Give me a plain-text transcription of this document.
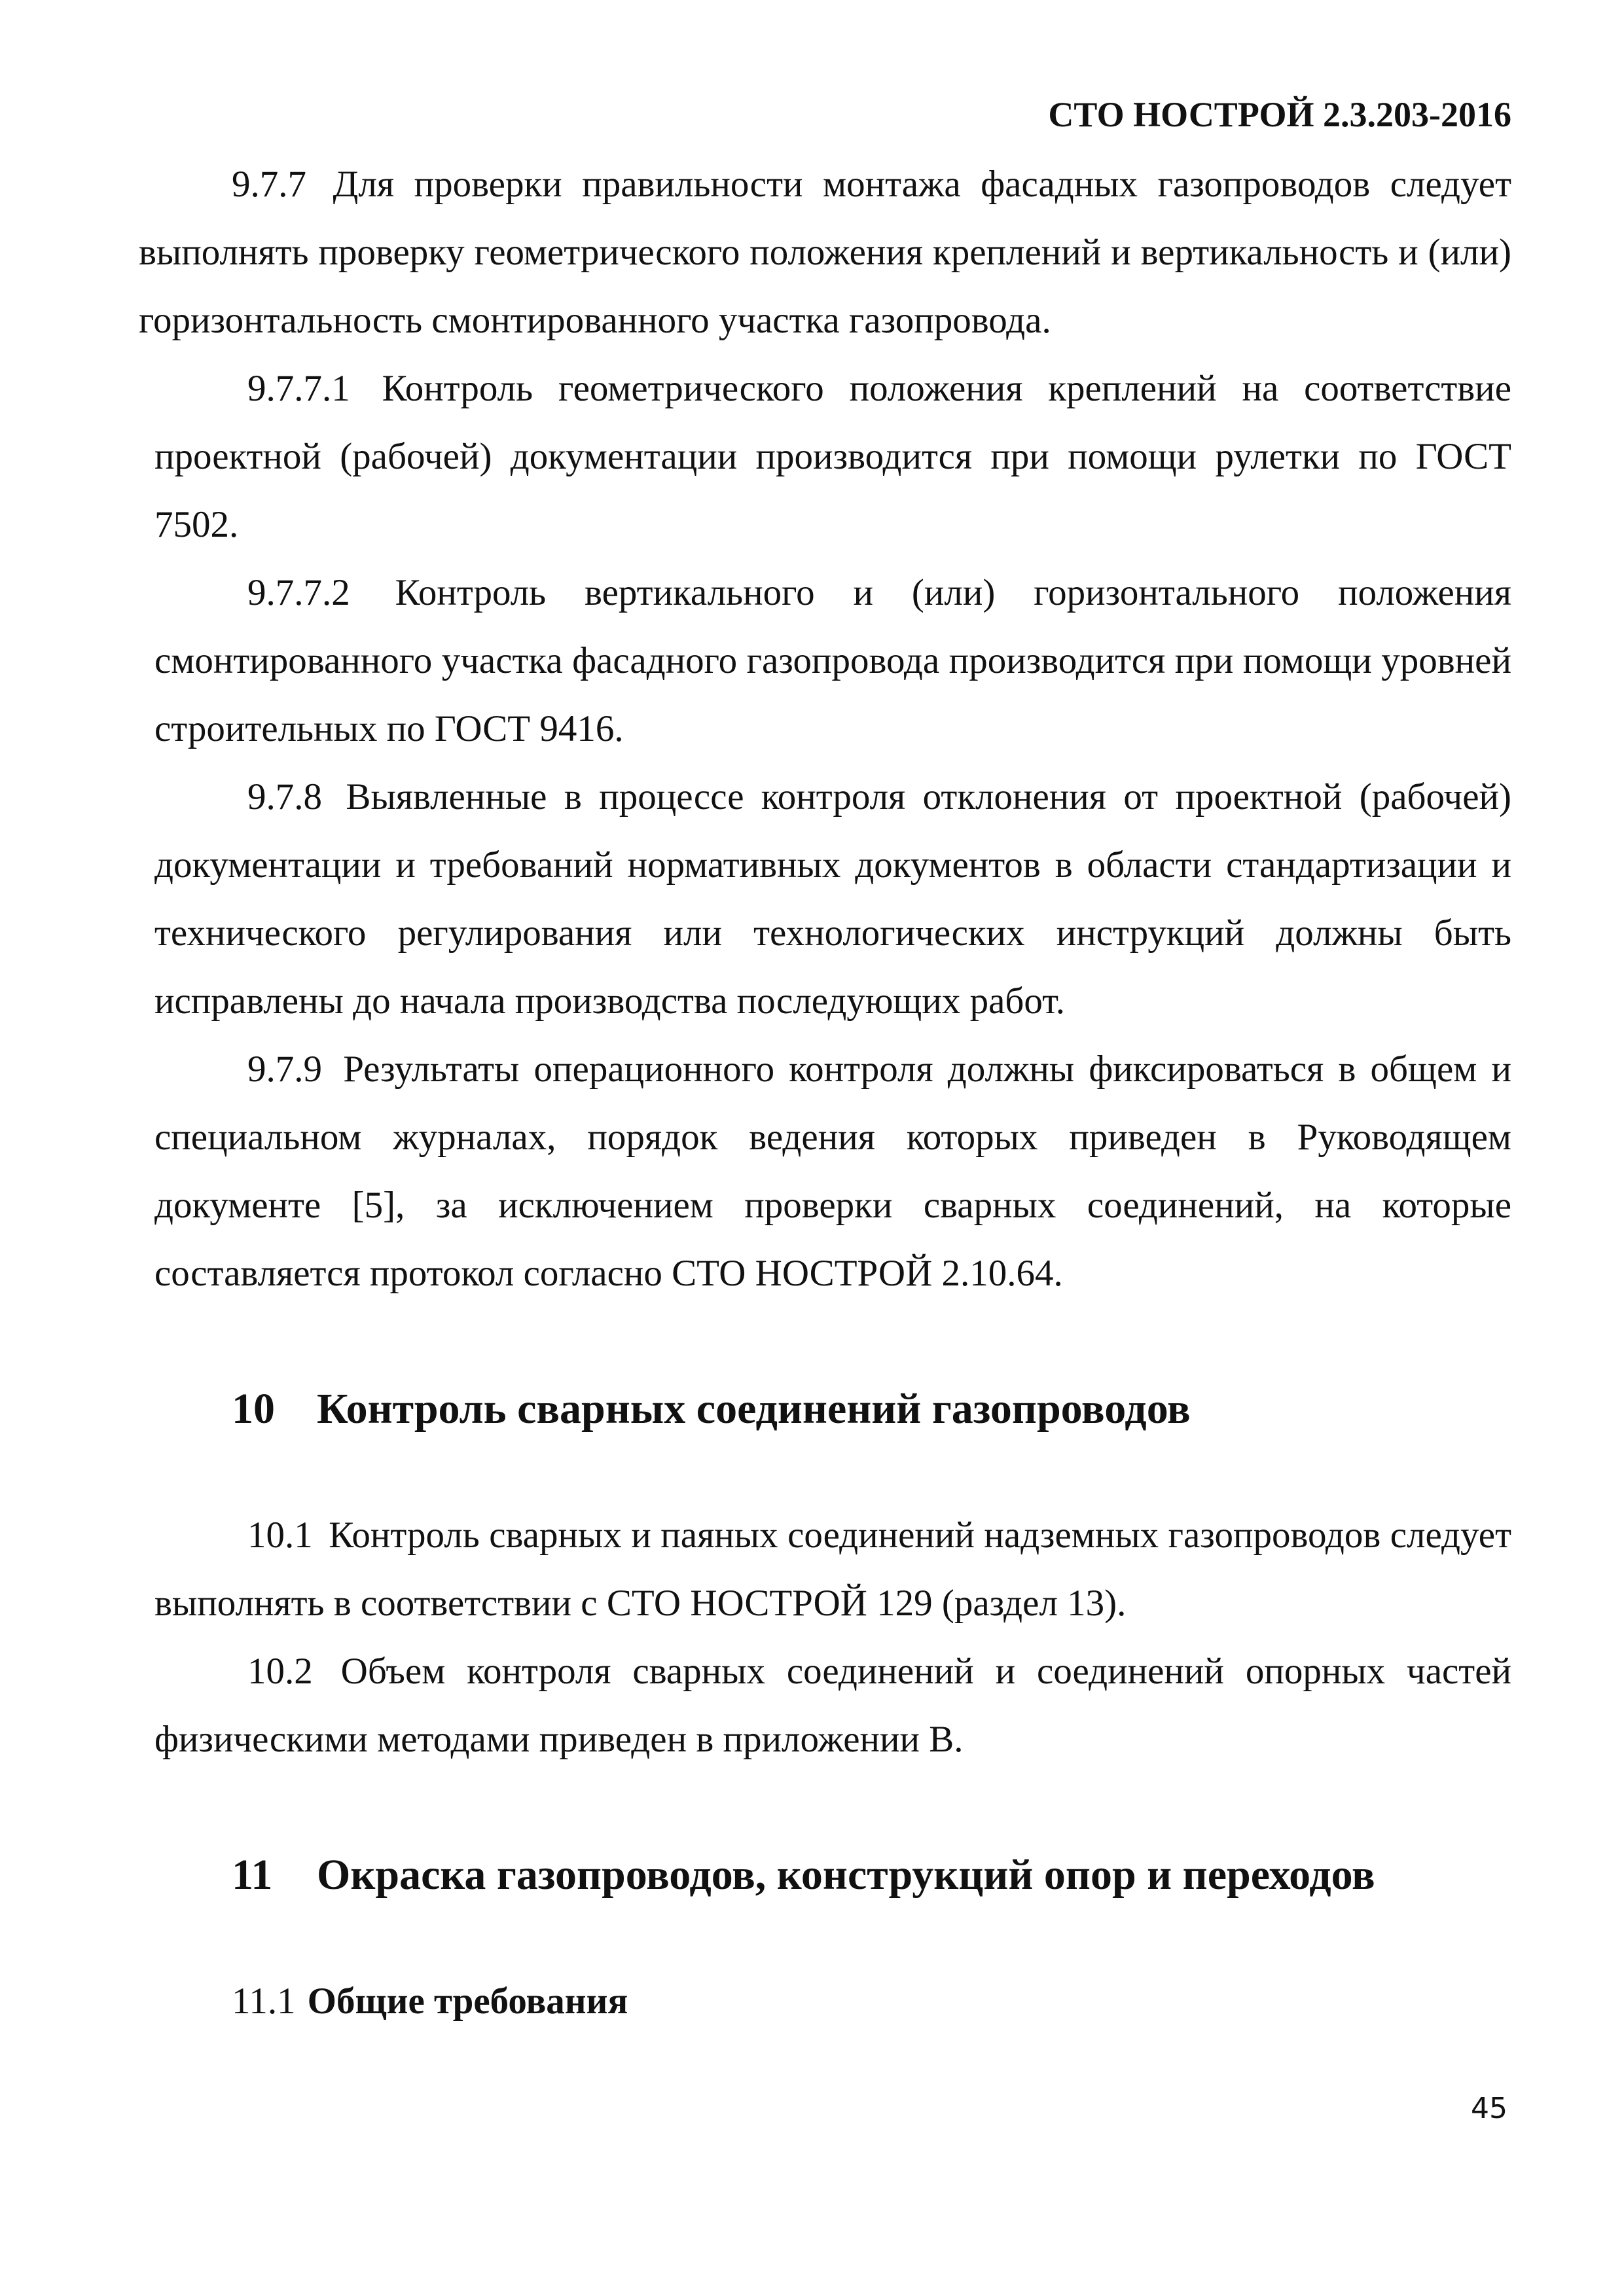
СТО НОСТРОЙ 2.3.203-2016

9.7.7 Для проверки правильности монтажа фасадных газопроводов следует выполнять проверку геометрического положения креплений и вертикальность и (или) горизонтальность смонтированного участка газопровода.

9.7.7.1 Контроль геометрического положения креплений на соответствие проектной (рабочей) документации производится при помощи рулетки по ГОСТ 7502.

9.7.7.2 Контроль вертикального и (или) горизонтального положения смонтированного участка фасадного газопровода производится при помощи уровней строительных по ГОСТ 9416.

9.7.8 Выявленные в процессе контроля отклонения от проектной (рабочей) документации и требований нормативных документов в области стандартизации и технического регулирования или технологических инструкций должны быть исправлены до начала производства последующих работ.

9.7.9 Результаты операционного контроля должны фиксироваться в общем и специальном журналах, порядок ведения которых приведен в Руководящем документе [5], за исключением проверки сварных соединений, на которые составляется протокол согласно СТО НОСТРОЙ 2.10.64.

10 Контроль сварных соединений газопроводов

10.1 Контроль сварных и паяных соединений надземных газопроводов следует выполнять в соответствии с СТО НОСТРОЙ 129 (раздел 13).

10.2 Объем контроля сварных соединений и соединений опорных частей физическими методами приведен в приложении В.

11 Окраска газопроводов, конструкций опор и переходов
11.1 Общие требования
45
